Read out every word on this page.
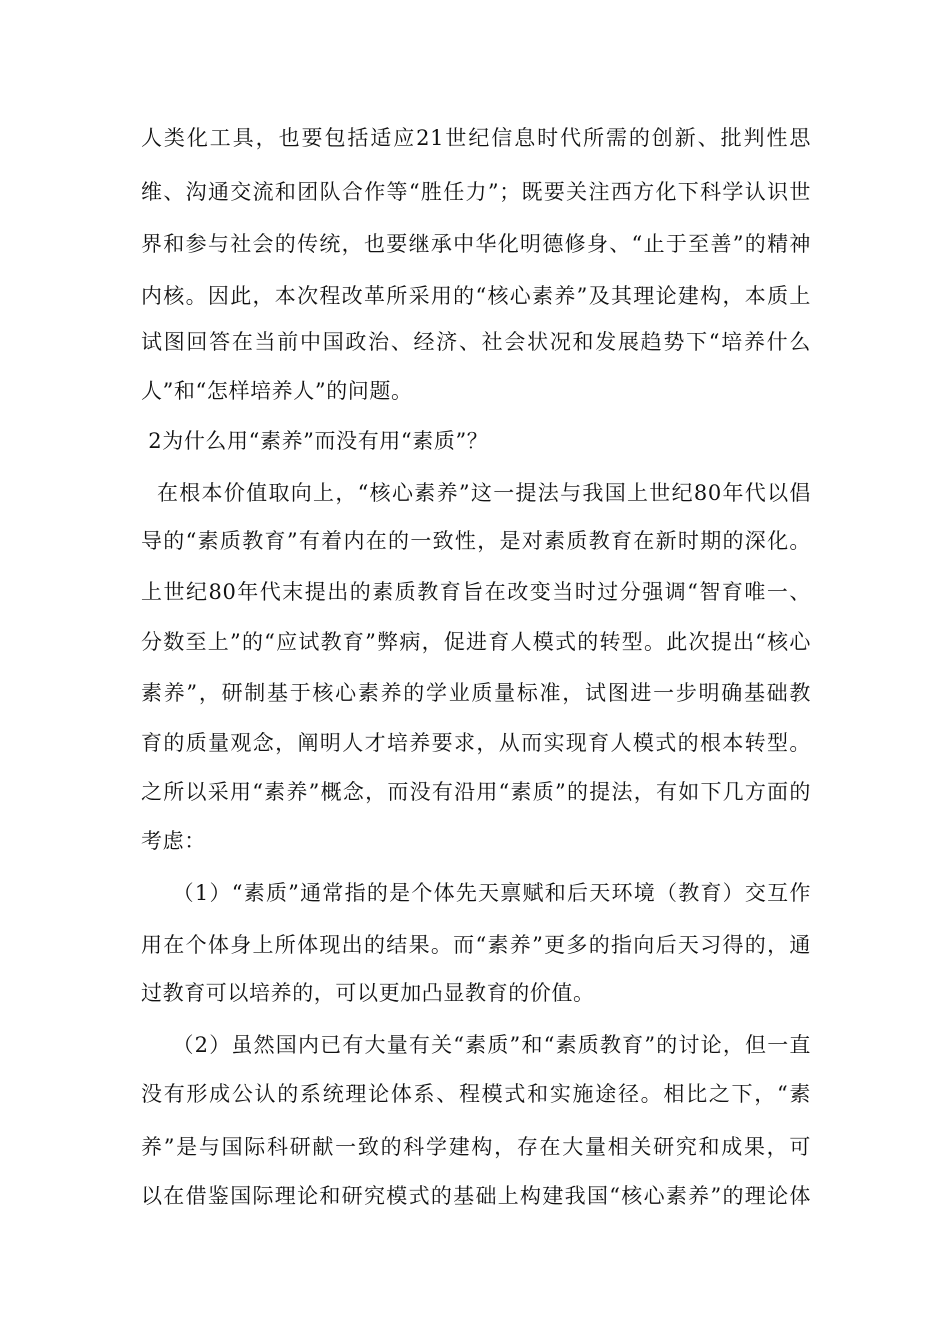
人类化工具，也要包括适应21世纪信息时代所需的创新、批判性思
维、沟通交流和团队合作等“胜任力”；既要关注西方化下科学认识世
界和参与社会的传统，也要继承中华化明德修身、“止于至善”的精神
内核。因此，本次程改革所采用的“核心素养”及其理论建构，本质上
试图回答在当前中国政治、经济、社会状况和发展趋势下“培养什么
人”和“怎样培养人”的问题。
2为什么用“素养”而没有用“素质”？
在根本价值取向上，“核心素养”这一提法与我国上世纪80年代以倡
导的“素质教育”有着内在的一致性，是对素质教育在新时期的深化。
上世纪80年代末提出的素质教育旨在改变当时过分强调“智育唯一、
分数至上”的“应试教育”弊病，促进育人模式的转型。此次提出“核心
素养”，研制基于核心素养的学业质量标准，试图进一步明确基础教
育的质量观念，阐明人才培养要求，从而实现育人模式的根本转型。
之所以采用“素养”概念，而没有沿用“素质”的提法，有如下几方面的
考虑：
（1）“素质”通常指的是个体先天禀赋和后天环境（教育）交互作
用在个体身上所体现出的结果。而“素养”更多的指向后天习得的，通
过教育可以培养的，可以更加凸显教育的价值。
（2）虽然国内已有大量有关“素质”和“素质教育”的讨论，但一直
没有形成公认的系统理论体系、程模式和实施途径。相比之下，“素
养”是与国际科研献一致的科学建构，存在大量相关研究和成果，可
以在借鉴国际理论和研究模式的基础上构建我国“核心素养”的理论体
